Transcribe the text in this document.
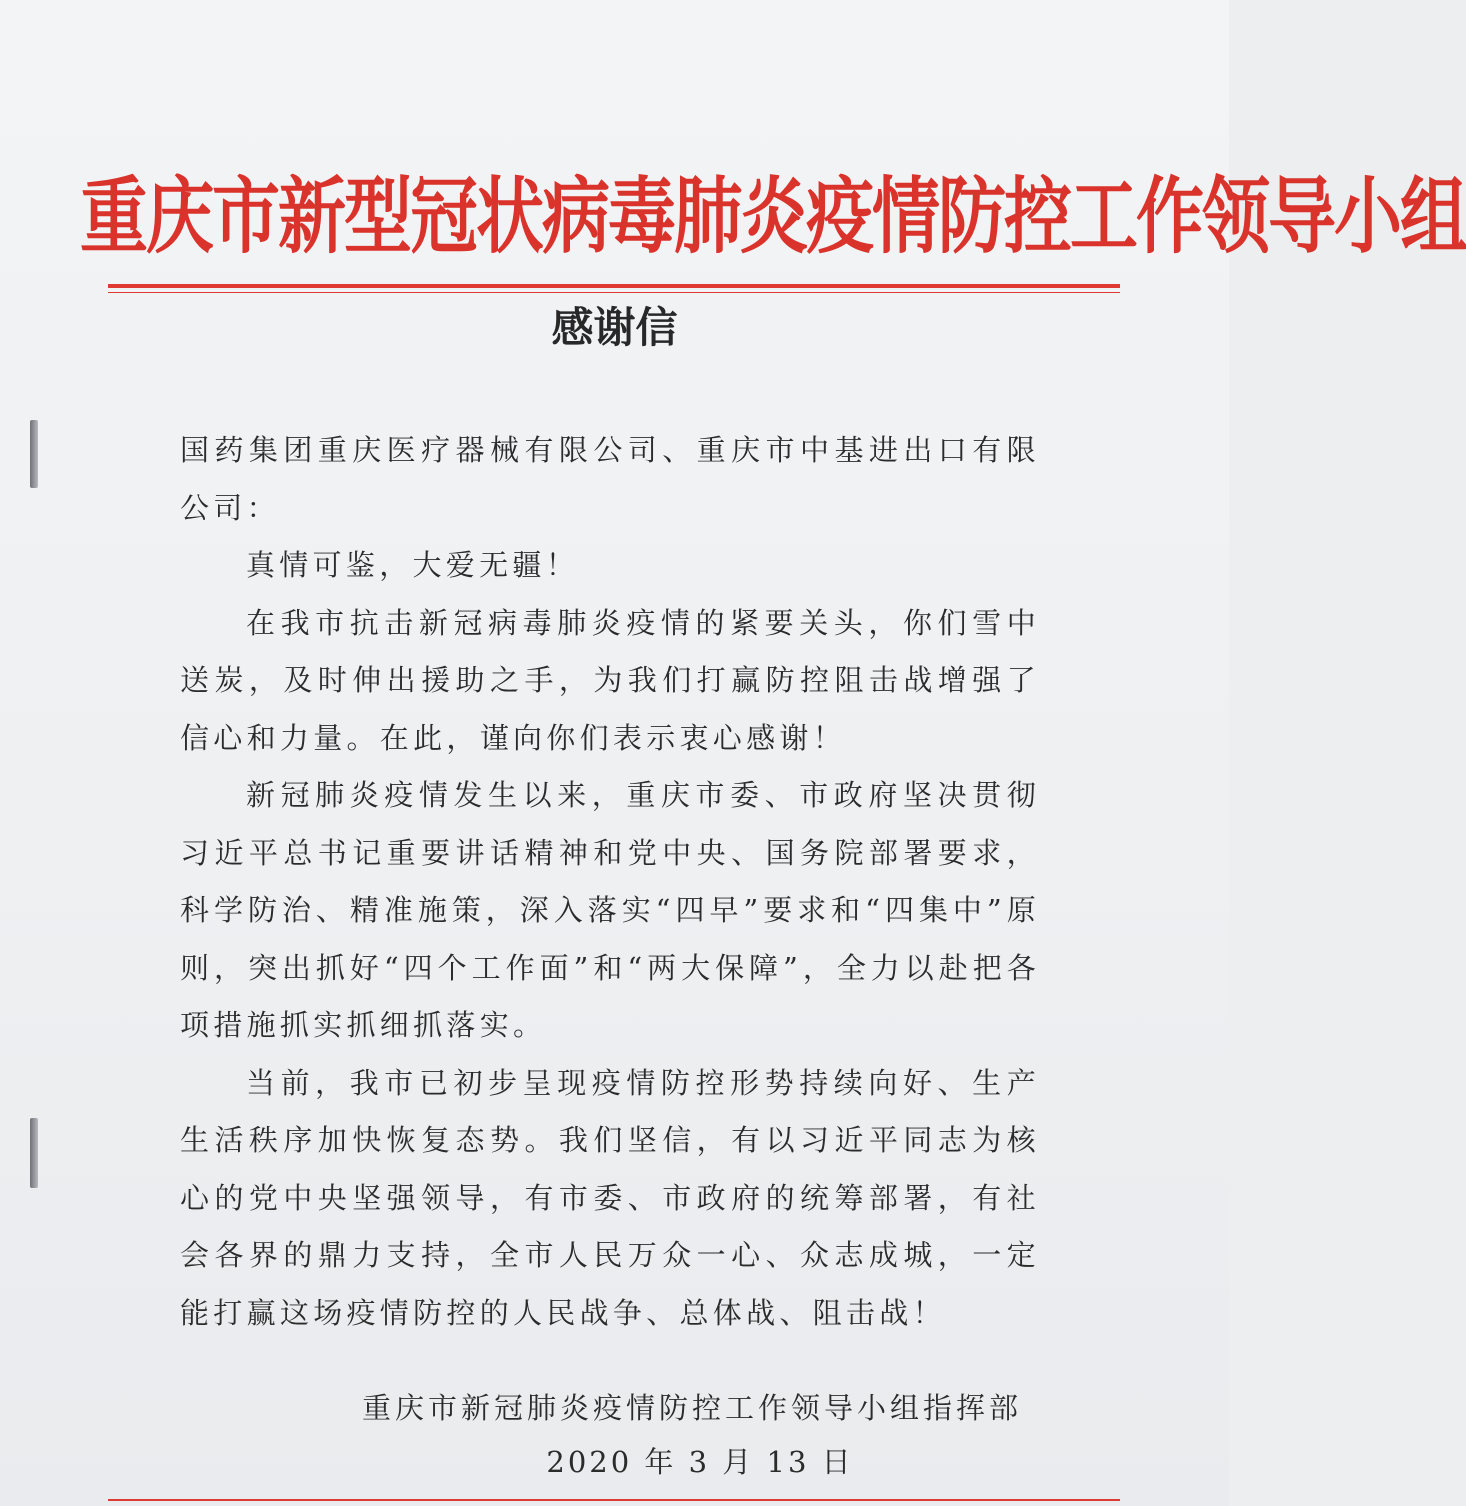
重庆市新型冠状病毒肺炎疫情防控工作领导小组
感谢信

国药集团重庆医疗器械有限公司、重庆市中基进出口有限公司：

真情可鉴，大爱无疆！

在我市抗击新冠病毒肺炎疫情的紧要关头，你们雪中送炭，及时伸出援助之手，为我们打赢防控阻击战增强了信心和力量。在此，谨向你们表示衷心感谢！

新冠肺炎疫情发生以来，重庆市委、市政府坚决贯彻习近平总书记重要讲话精神和党中央、国务院部署要求，科学防治、精准施策，深入落实“四早”要求和“四集中”原则，突出抓好“四个工作面”和“两大保障”，全力以赴把各项措施抓实抓细抓落实。

当前，我市已初步呈现疫情防控形势持续向好、生产生活秩序加快恢复态势。我们坚信，有以习近平同志为核心的党中央坚强领导，有市委、市政府的统筹部署，有社会各界的鼎力支持，全市人民万众一心、众志成城，一定能打赢这场疫情防控的人民战争、总体战、阻击战！

重庆市新冠肺炎疫情防控工作领导小组指挥部
2020 年 3 月 13 日
